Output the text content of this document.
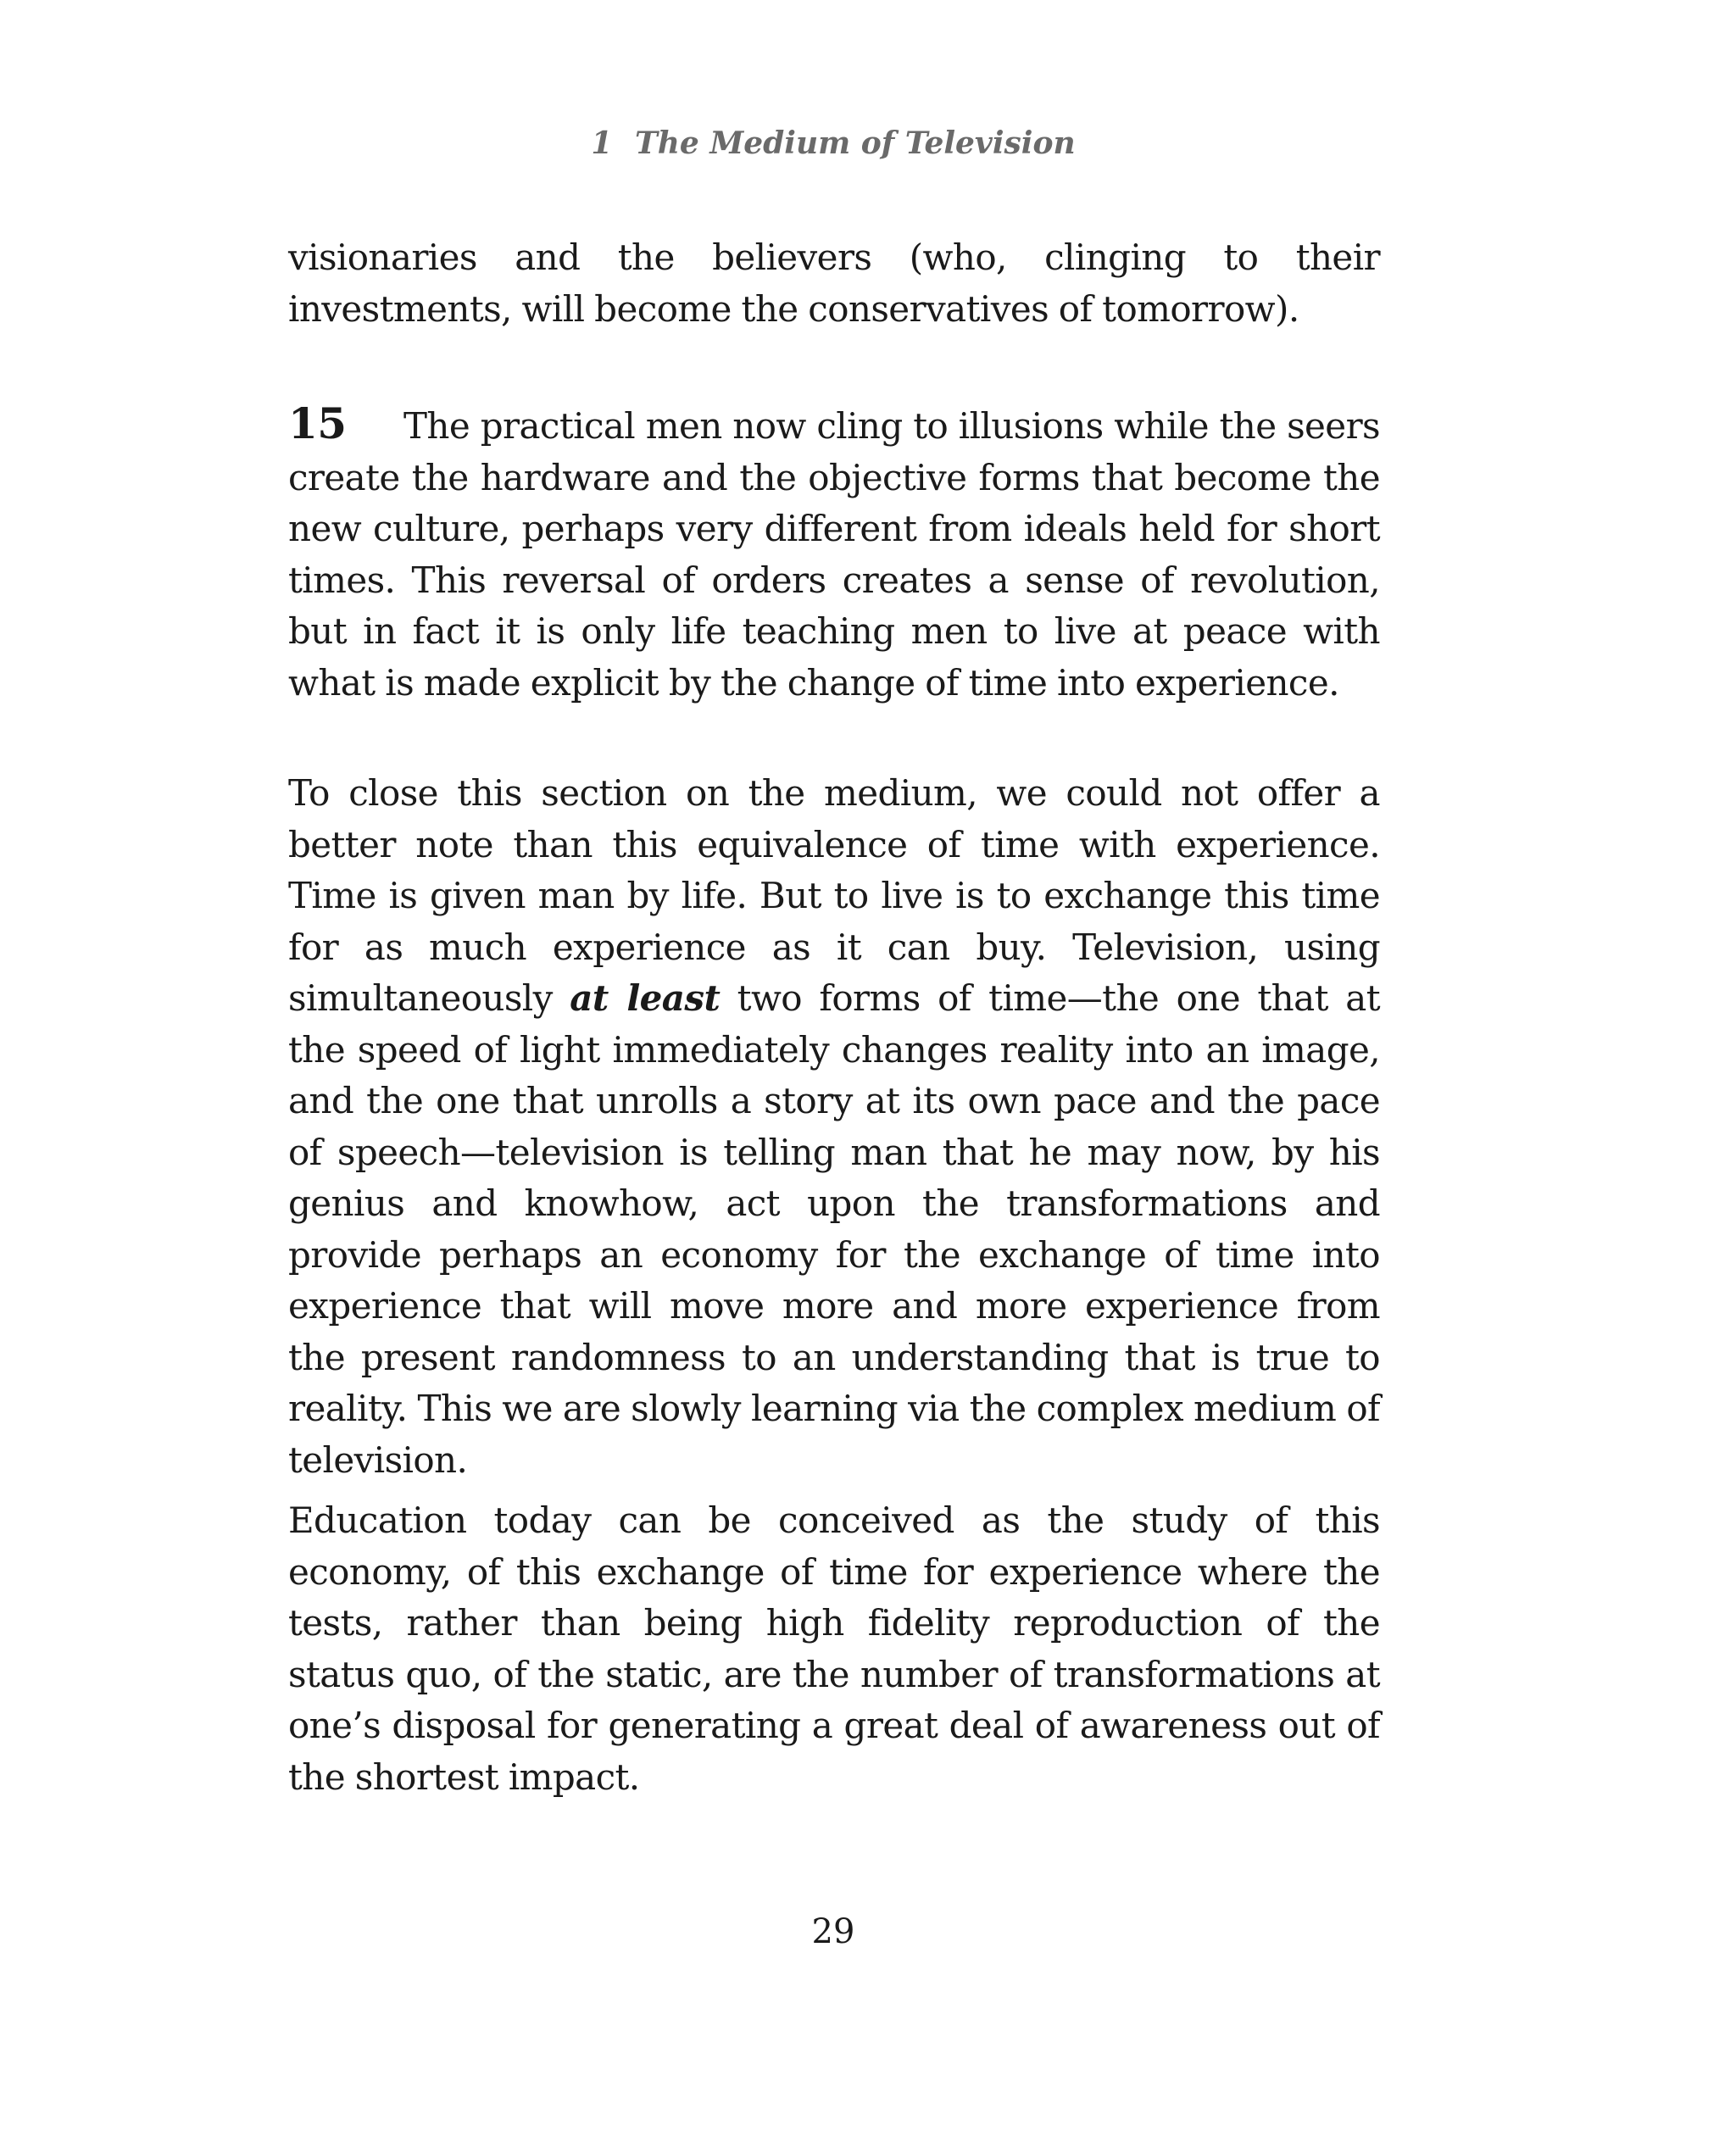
1 The Medium of Television

visionaries and the believers (who, clinging to their investments, will become the conservatives of tomorrow).

15 The practical men now cling to illusions while the seers create the hardware and the objective forms that become the new culture, perhaps very different from ideals held for short times. This reversal of orders creates a sense of revolution, but in fact it is only life teaching men to live at peace with what is made explicit by the change of time into experience.

To close this section on the medium, we could not offer a better note than this equivalence of time with experience. Time is given man by life. But to live is to exchange this time for as much experience as it can buy. Television, using simultaneously at least two forms of time—the one that at the speed of light immediately changes reality into an image, and the one that unrolls a story at its own pace and the pace of speech—television is telling man that he may now, by his genius and knowhow, act upon the transformations and provide perhaps an economy for the exchange of time into experience that will move more and more experience from the present randomness to an understanding that is true to reality. This we are slowly learning via the complex medium of television.

Education today can be conceived as the study of this economy, of this exchange of time for experience where the tests, rather than being high fidelity reproduction of the status quo, of the static, are the number of transformations at one’s disposal for generating a great deal of awareness out of the shortest impact.

29
